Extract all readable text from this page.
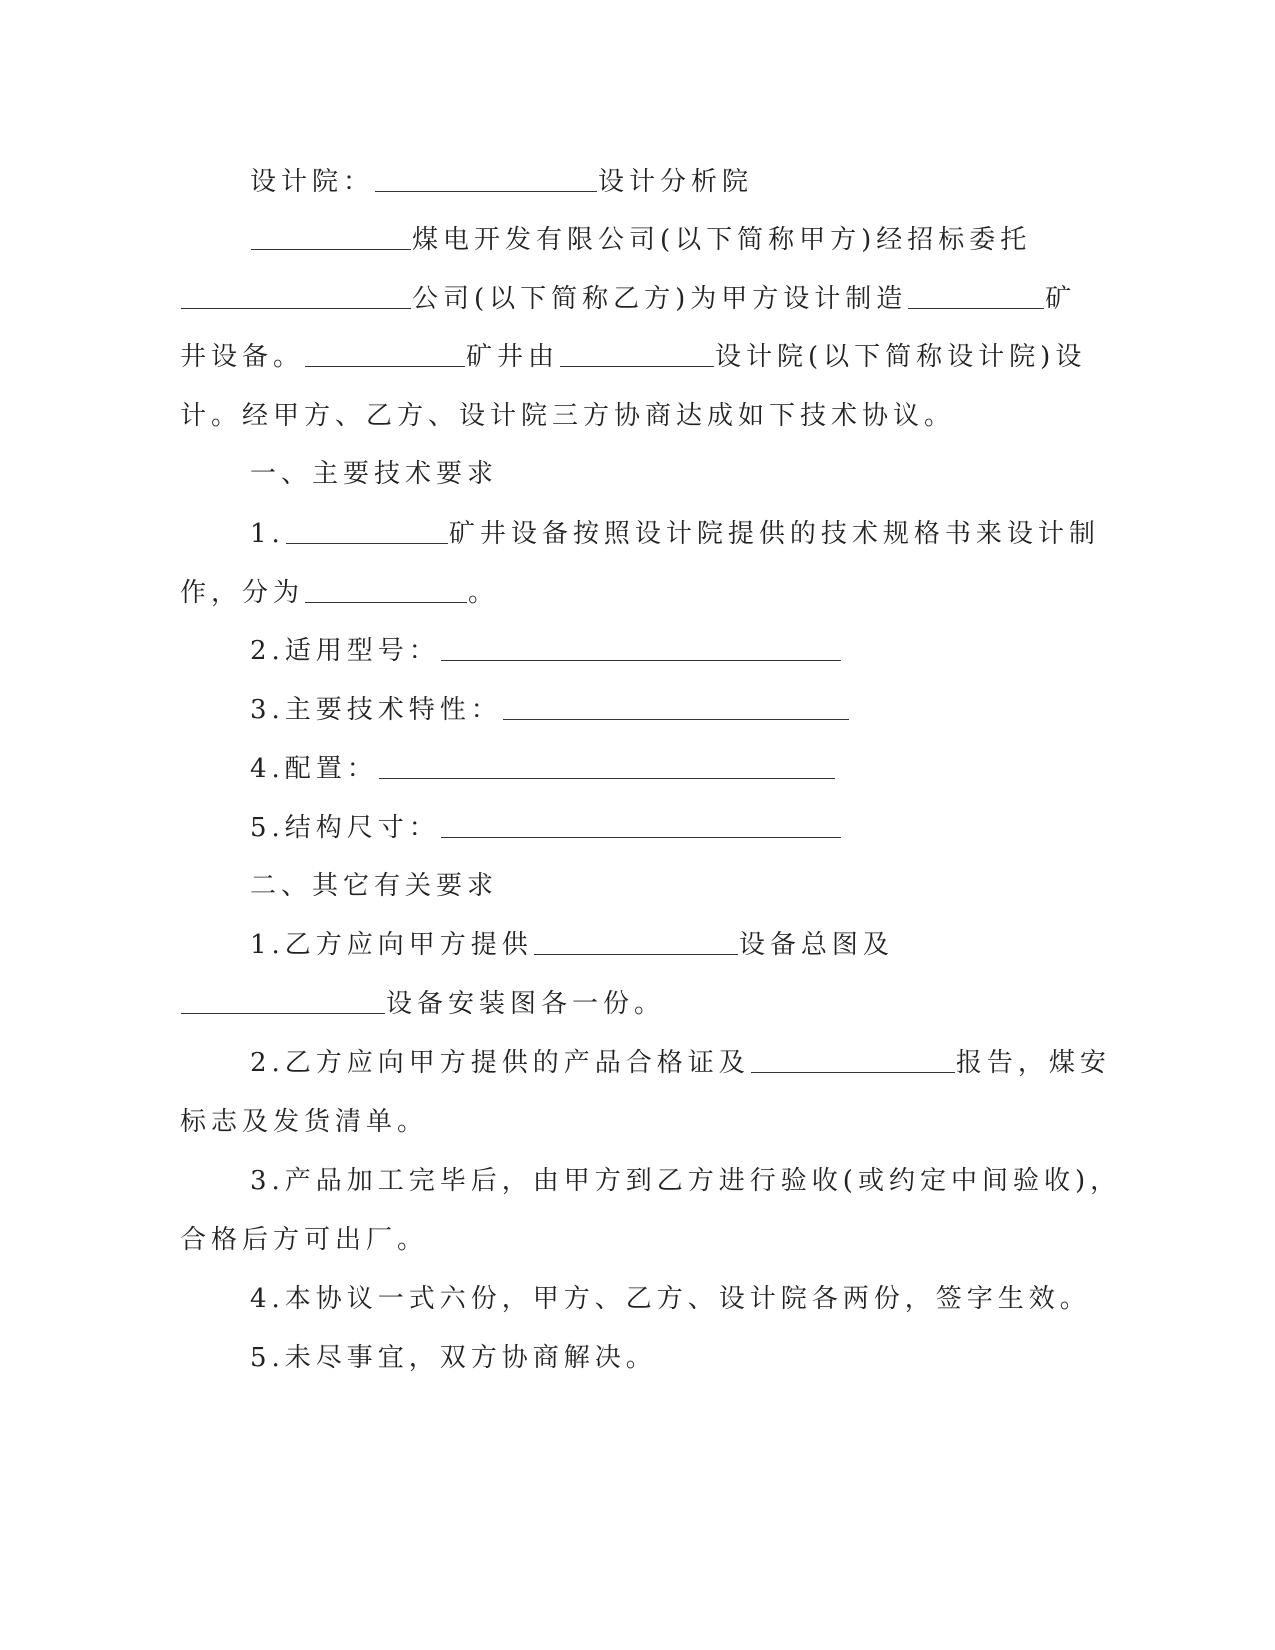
设计院：	设计分析院
煤电开发有限公司(以下简称甲方)经招标委托
公司(以下简称乙方)为甲方设计制造	矿
井设备。	矿井由	设计院(以下简称设计院)设
计。经甲方、乙方、设计院三方协商达成如下技术协议。
一、主要技术要求
1.	矿井设备按照设计院提供的技术规格书来设计制
作，分为	。
2.适用型号：
3.主要技术特性：
4.配置：
5.结构尺寸：
二、其它有关要求
1.乙方应向甲方提供	设备总图及
设备安装图各一份。
2.乙方应向甲方提供的产品合格证及	报告，煤安
标志及发货清单。
3.产品加工完毕后，由甲方到乙方进行验收(或约定中间验收)，
合格后方可出厂。
4.本协议一式六份，甲方、乙方、设计院各两份，签字生效。
5.未尽事宜，双方协商解决。
